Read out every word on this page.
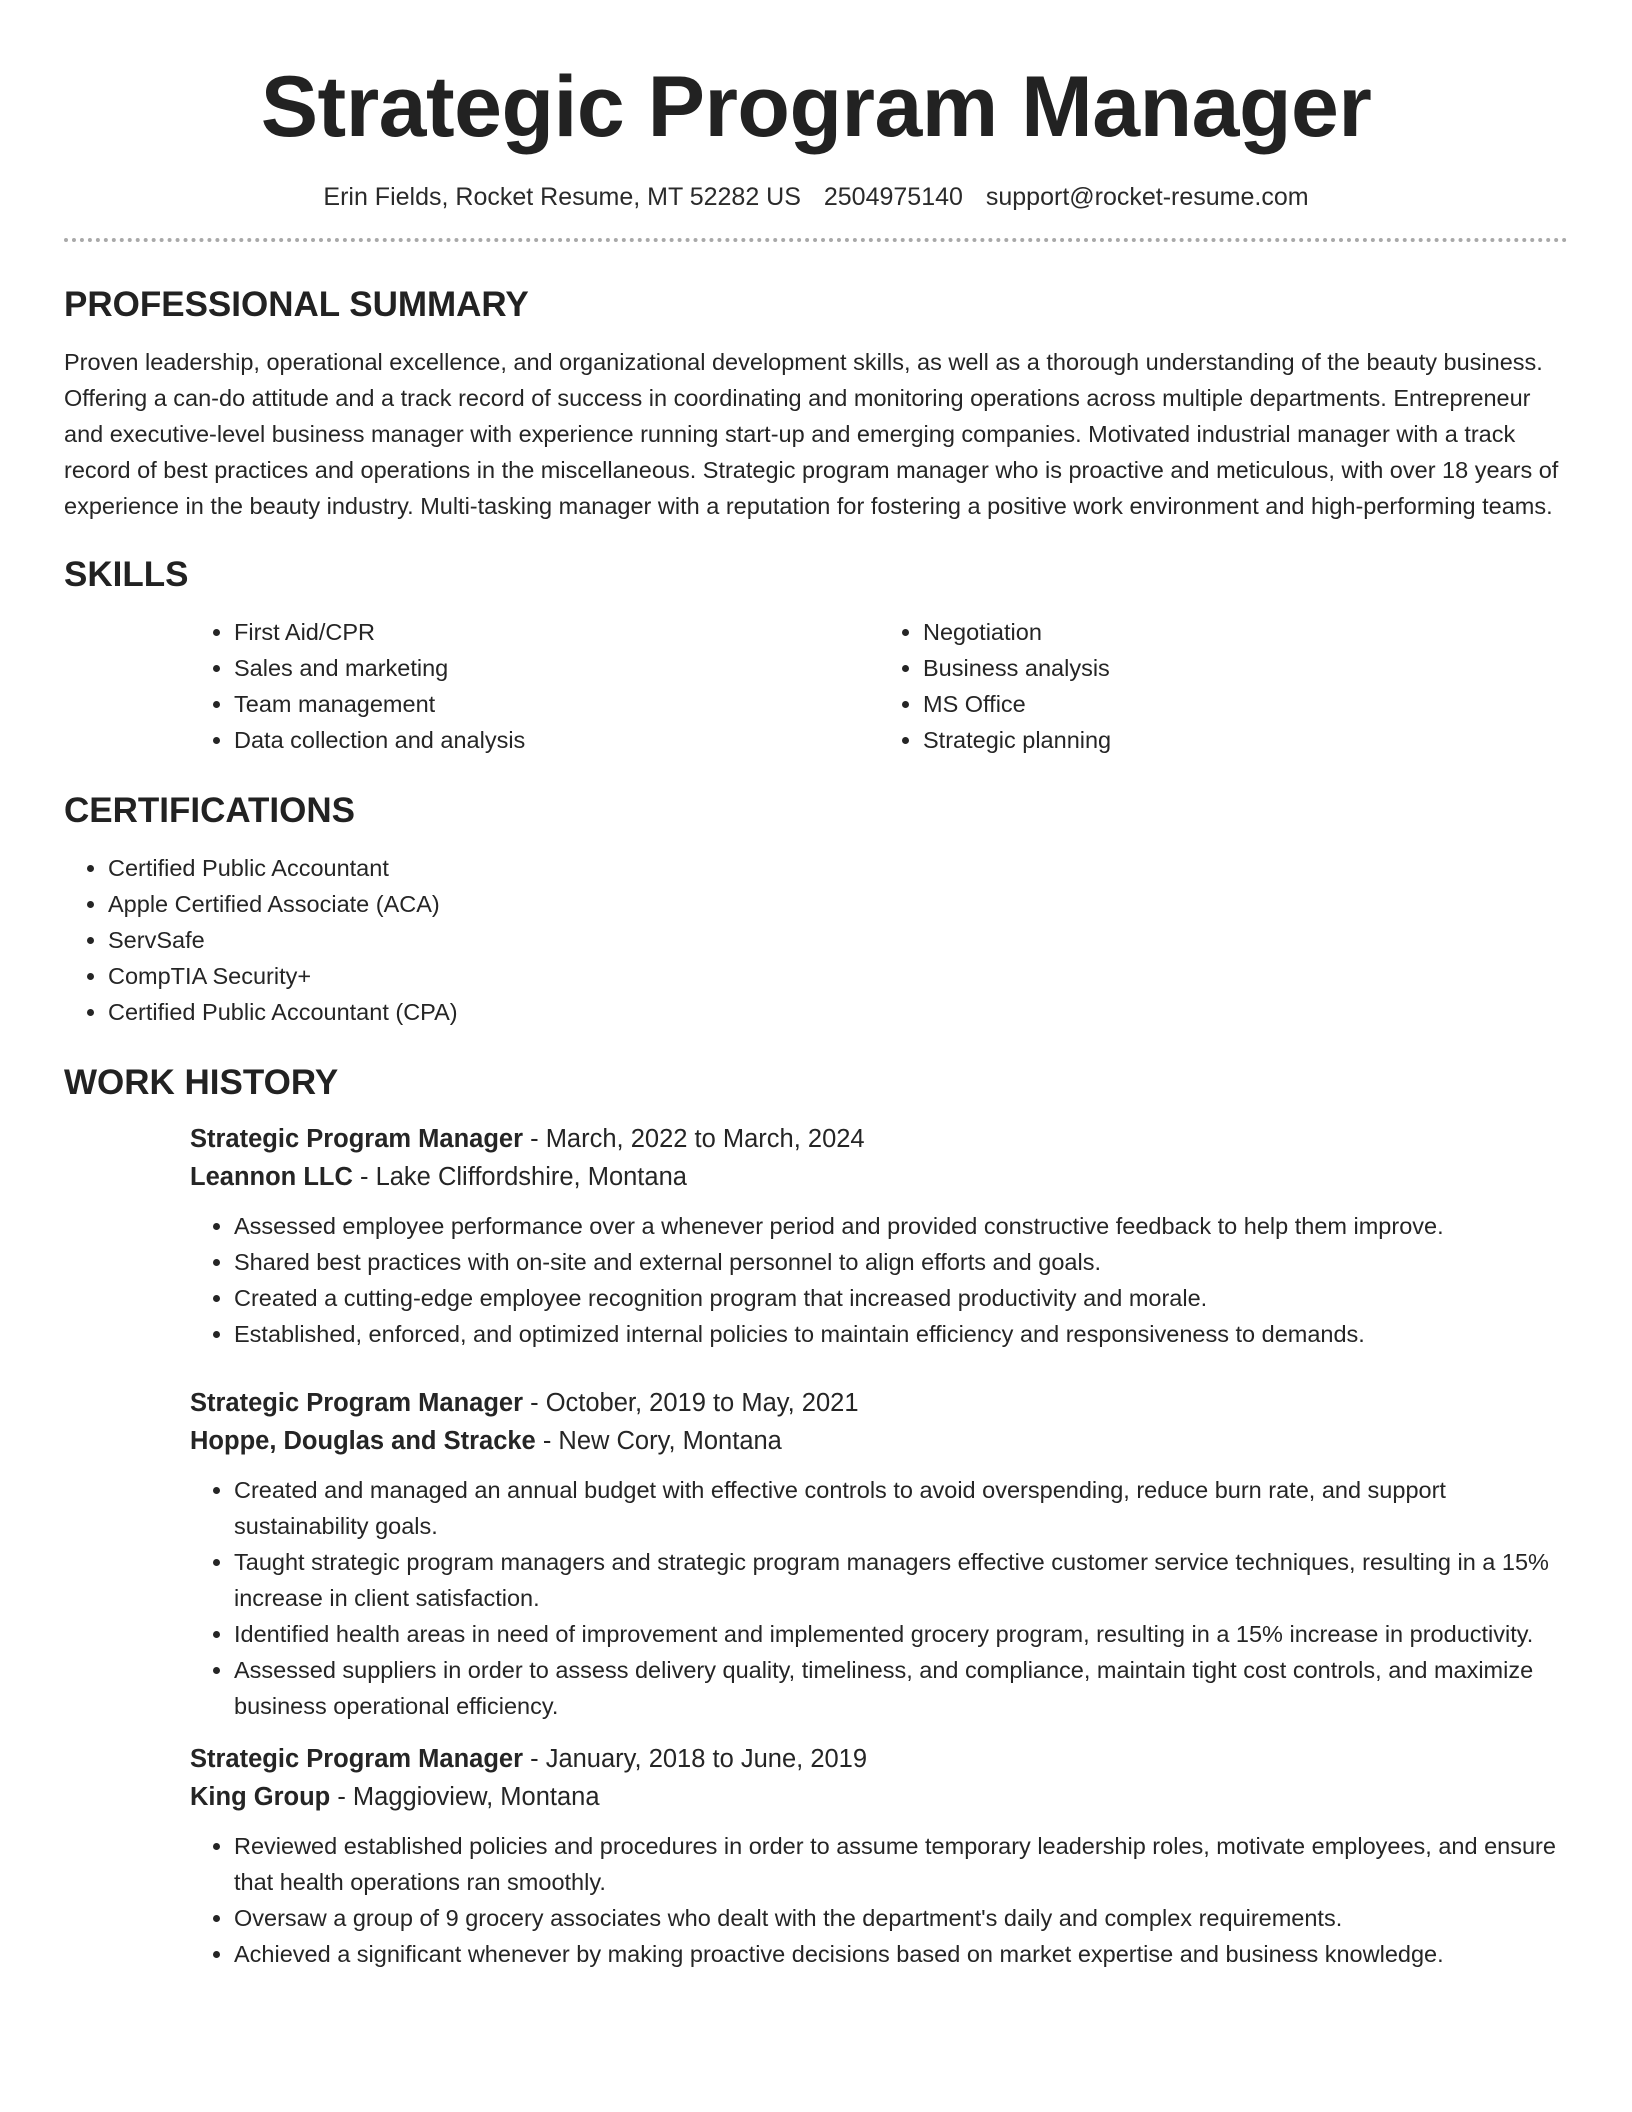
Strategic Program Manager
Erin Fields, Rocket Resume, MT 52282 US 2504975140 support@rocket-resume.com
PROFESSIONAL SUMMARY

Proven leadership, operational excellence, and organizational development skills, as well as a thorough understanding of the beauty business. Offering a can-do attitude and a track record of success in coordinating and monitoring operations across multiple departments. Entrepreneur and executive-level business manager with experience running start-up and emerging companies. Motivated industrial manager with a track record of best practices and operations in the miscellaneous. Strategic program manager who is proactive and meticulous, with over 18 years of experience in the beauty industry. Multi-tasking manager with a reputation for fostering a positive work environment and high-performing teams.

SKILLS
• First Aid/CPR
• Sales and marketing
• Team management
• Data collection and analysis
• Negotiation
• Business analysis
• MS Office
• Strategic planning
CERTIFICATIONS
• Certified Public Accountant
• Apple Certified Associate (ACA)
• ServSafe
• CompTIA Security+
• Certified Public Accountant (CPA)
WORK HISTORY
Strategic Program Manager - March, 2022 to March, 2024
Leannon LLC - Lake Cliffordshire, Montana
• Assessed employee performance over a whenever period and provided constructive feedback to help them improve.
• Shared best practices with on-site and external personnel to align efforts and goals.
• Created a cutting-edge employee recognition program that increased productivity and morale.
• Established, enforced, and optimized internal policies to maintain efficiency and responsiveness to demands.
Strategic Program Manager - October, 2019 to May, 2021
Hoppe, Douglas and Stracke - New Cory, Montana
• Created and managed an annual budget with effective controls to avoid overspending, reduce burn rate, and support sustainability goals.
• Taught strategic program managers and strategic program managers effective customer service techniques, resulting in a 15% increase in client satisfaction.
• Identified health areas in need of improvement and implemented grocery program, resulting in a 15% increase in productivity.
• Assessed suppliers in order to assess delivery quality, timeliness, and compliance, maintain tight cost controls, and maximize business operational efficiency.
Strategic Program Manager - January, 2018 to June, 2019
King Group - Maggioview, Montana
• Reviewed established policies and procedures in order to assume temporary leadership roles, motivate employees, and ensure that health operations ran smoothly.
• Oversaw a group of 9 grocery associates who dealt with the department's daily and complex requirements.
• Achieved a significant whenever by making proactive decisions based on market expertise and business knowledge.
